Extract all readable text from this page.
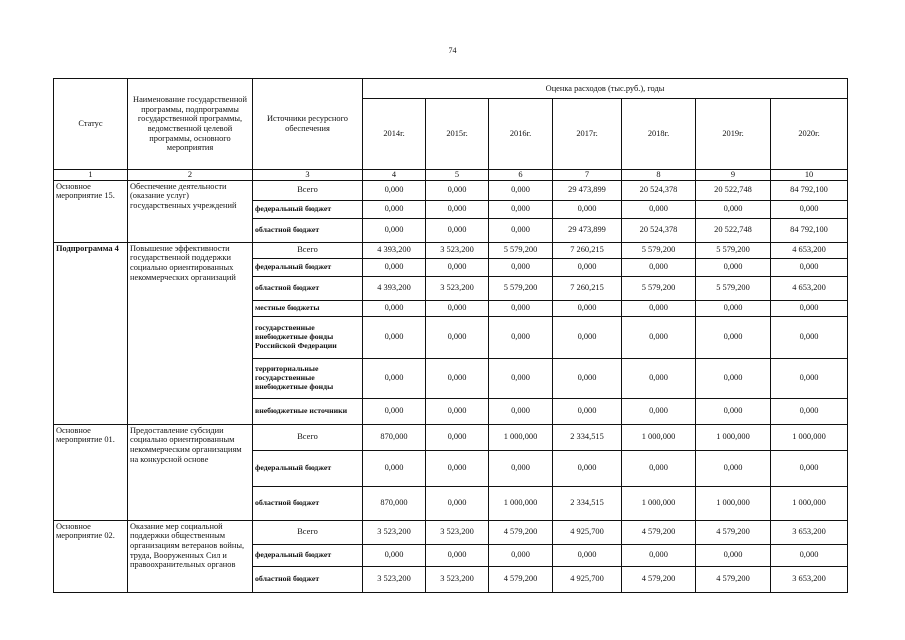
74
Статус	Наименование государственной программы, подпрограммы государственной программы, ведомственной целевой программы, основного мероприятия	Источники ресурсного обеспечения	Оценка расходов (тыс.руб.), годы						
			2014г.	2015г.	2016г.	2017г.	2018г.	2019г.	2020г.
1	2	3	4	5	6	7	8	9	10
Основное мероприятие 15.	Обеспечение деятельности (оказание услуг) государственных учреждений	Всего	0,000	0,000	0,000	29 473,899	20 524,378	20 522,748	84 792,100
		федеральный бюджет	0,000	0,000	0,000	0,000	0,000	0,000	0,000
		областной бюджет	0,000	0,000	0,000	29 473,899	20 524,378	20 522,748	84 792,100
Подпрограмма 4	Повышение эффективности государственной поддержки социально ориентированных некоммерческих организаций	Всего	4 393,200	3 523,200	5 579,200	7 260,215	5 579,200	5 579,200	4 653,200
		федеральный бюджет	0,000	0,000	0,000	0,000	0,000	0,000	0,000
		областной бюджет	4 393,200	3 523,200	5 579,200	7 260,215	5 579,200	5 579,200	4 653,200
		местные бюджеты	0,000	0,000	0,000	0,000	0,000	0,000	0,000
		государственные внебюджетные фонды Российской Федерации	0,000	0,000	0,000	0,000	0,000	0,000	0,000
		территориальные государственные внебюджетные фонды	0,000	0,000	0,000	0,000	0,000	0,000	0,000
		внебюджетные источники	0,000	0,000	0,000	0,000	0,000	0,000	0,000
Основное мероприятие 01.	Предоставление субсидии социально ориентированным некоммерческим организациям на конкурсной основе	Всего	870,000	0,000	1 000,000	2 334,515	1 000,000	1 000,000	1 000,000
		федеральный бюджет	0,000	0,000	0,000	0,000	0,000	0,000	0,000
		областной бюджет	870,000	0,000	1 000,000	2 334,515	1 000,000	1 000,000	1 000,000
Основное мероприятие 02.	Оказание мер социальной поддержки общественным организациям ветеранов войны, труда, Вооруженных Сил и правоохранительных органов	Всего	3 523,200	3 523,200	4 579,200	4 925,700	4 579,200	4 579,200	3 653,200
		федеральный бюджет	0,000	0,000	0,000	0,000	0,000	0,000	0,000
		областной бюджет	3 523,200	3 523,200	4 579,200	4 925,700	4 579,200	4 579,200	3 653,200
